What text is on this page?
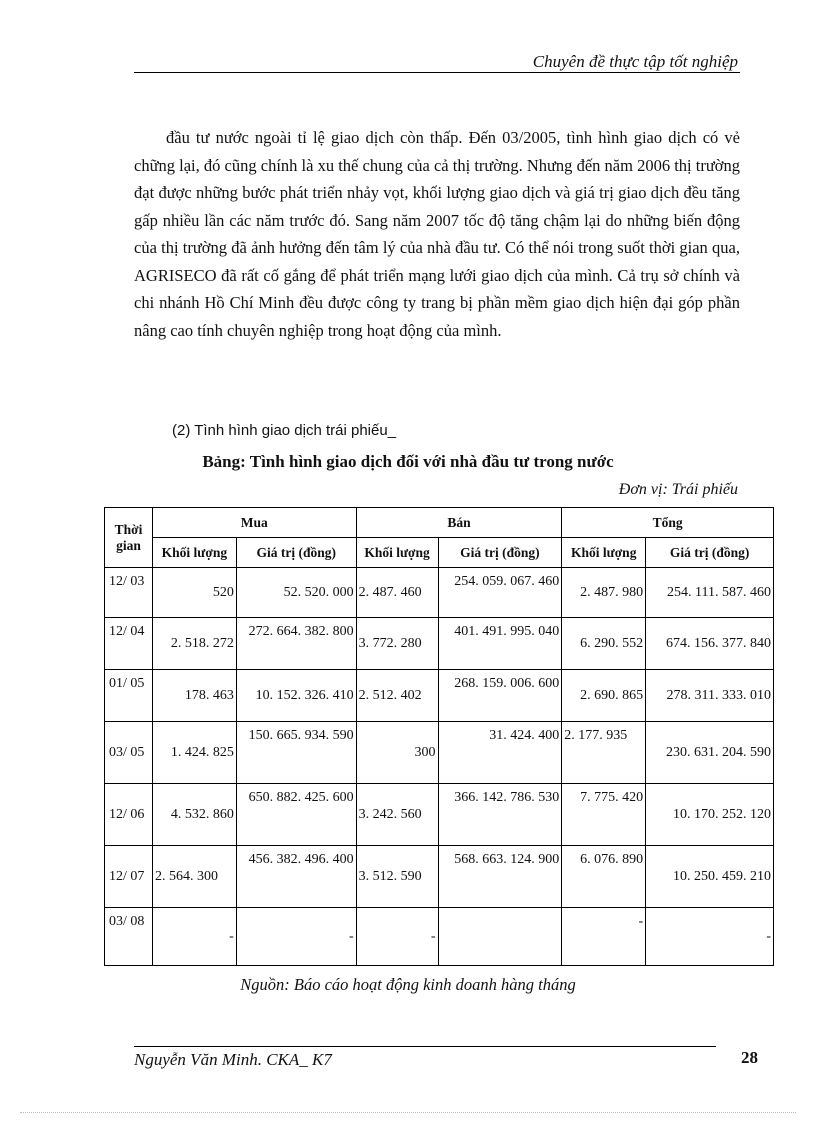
Chuyên đề thực tập tốt nghiệp

đầu tư nước ngoài tỉ lệ giao dịch còn thấp. Đến 03/2005, tình hình giao dịch có vẻ chững lại, đó cũng chính là xu thế chung của cả thị trường. Nhưng đến năm 2006 thị trường đạt được những bước phát triển nhảy vọt, khối lượng giao dịch và giá trị giao dịch đều tăng gấp nhiều lần các năm trước đó. Sang năm 2007 tốc độ tăng chậm lại do những biến động của thị trường đã ảnh hưởng đến tâm lý của nhà đầu tư. Có thể nói trong suốt thời gian qua, AGRISECO đã rất cố gắng để phát triển mạng lưới giao dịch của mình. Cả trụ sở chính và chi nhánh Hồ Chí Minh đều được công ty trang bị phần mềm giao dịch hiện đại góp phần nâng cao tính chuyên nghiệp trong hoạt động của mình.

(2) Tình hình giao dịch trái phiếu_
Bảng: Tình hình giao dịch đối với nhà đầu tư trong nước
Đơn vị: Trái phiếu
Thời gian	Mua		Bán		Tổng	
	Khối lượng	Giá trị (đồng)	Khối lượng	Giá trị (đồng)	Khối lượng	Giá trị (đồng)
12/ 03	520	52. 520. 000	2. 487. 460	254. 059. 067. 460	2. 487. 980	254. 111. 587. 460
12/ 04	2. 518. 272	272. 664. 382. 800	3. 772. 280	401. 491. 995. 040	6. 290. 552	674. 156. 377. 840
01/ 05	178. 463	10. 152. 326. 410	2. 512. 402	268. 159. 006. 600	2. 690. 865	278. 311. 333. 010
03/ 05	1. 424. 825	150. 665. 934. 590	300	31. 424. 400	2. 177. 935	230. 631. 204. 590
12/ 06	4. 532. 860	650. 882. 425. 600	3. 242. 560	366. 142. 786. 530	7. 775. 420	10. 170. 252. 120
12/ 07	2. 564. 300	456. 382. 496. 400	3. 512. 590	568. 663. 124. 900	6. 076. 890	10. 250. 459. 210
03/ 08	-	-	-		-	-
Nguồn: Báo cáo hoạt động kinh doanh hàng tháng
Nguyễn Văn Minh. CKA_ K7	28
